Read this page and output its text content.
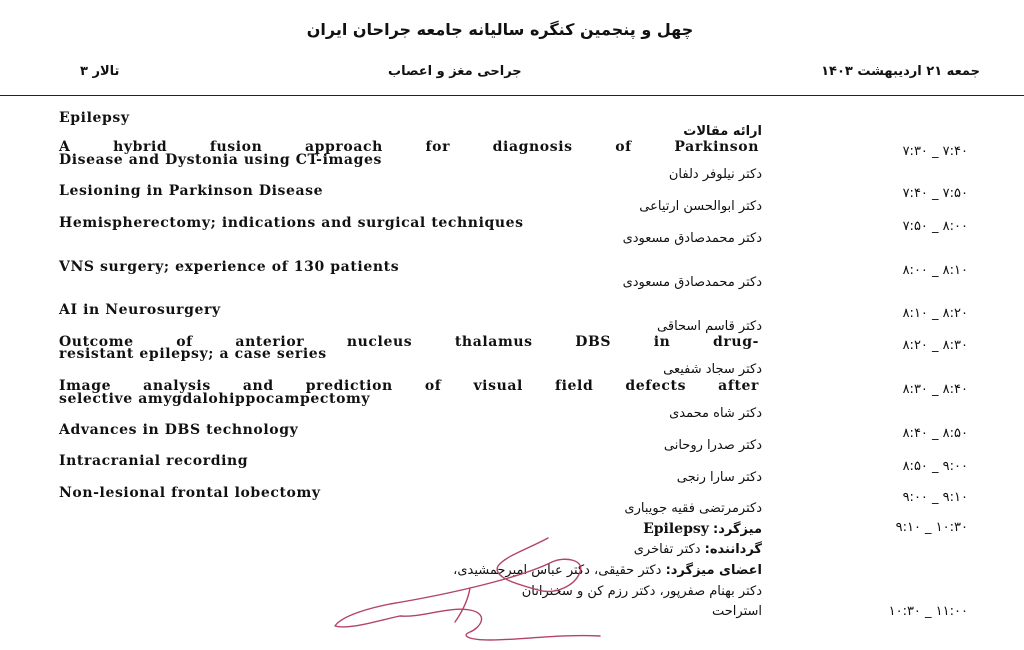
چهل و پنجمین کنگره سالیانه جامعه جراحان ایران
جمعه ۲۱ اردیبهشت ۱۴۰۳
جراحی مغز و اعصاب
تالار ۳
Epilepsy
ارائه مقالات
A hybrid fusion approach for diagnosis of Parkinson
Disease and Dystonia using CT-images
دکتر نیلوفر دلفان
۷:۳۰ _ ۷:۴۰
Lesioning in Parkinson Disease
دکتر ابوالحسن ارتیاعی
۷:۴۰ _ ۷:۵۰
Hemispherectomy; indications and surgical techniques
دکتر محمدصادق مسعودی
۷:۵۰ _ ۸:۰۰
VNS surgery; experience of 130 patients
دکتر محمدصادق مسعودی
۸:۰۰ _ ۸:۱۰
AI in Neurosurgery
دکتر قاسم اسحاقی
۸:۱۰ _ ۸:۲۰
Outcome of anterior nucleus thalamus DBS in drug-
resistant epilepsy; a case series
دکتر سجاد شفیعی
۸:۲۰ _ ۸:۳۰
Image analysis and prediction of visual field defects after
selective amygdalohippocampectomy
دکتر شاه محمدی
۸:۳۰ _ ۸:۴۰
Advances in DBS technology
دکتر صدرا روحانی
۸:۴۰ _ ۸:۵۰
Intracranial recording
دکتر سارا رنجی
۸:۵۰ _ ۹:۰۰
Non-lesional frontal lobectomy
دکترمرتضی فقیه جویباری
۹:۰۰ _ ۹:۱۰
۹:۱۰ _ ۱۰:۳۰
میزگرد: Epilepsy
گرداننده: دکتر تفاخری
اعضای میزگرد: دکتر حقیقی، دکتر عباس امیرجمشیدی،
دکتر بهنام صفرپور، دکتر رزم کن و سخنرانان
۱۰:۳۰ _ ۱۱:۰۰
استراحت
